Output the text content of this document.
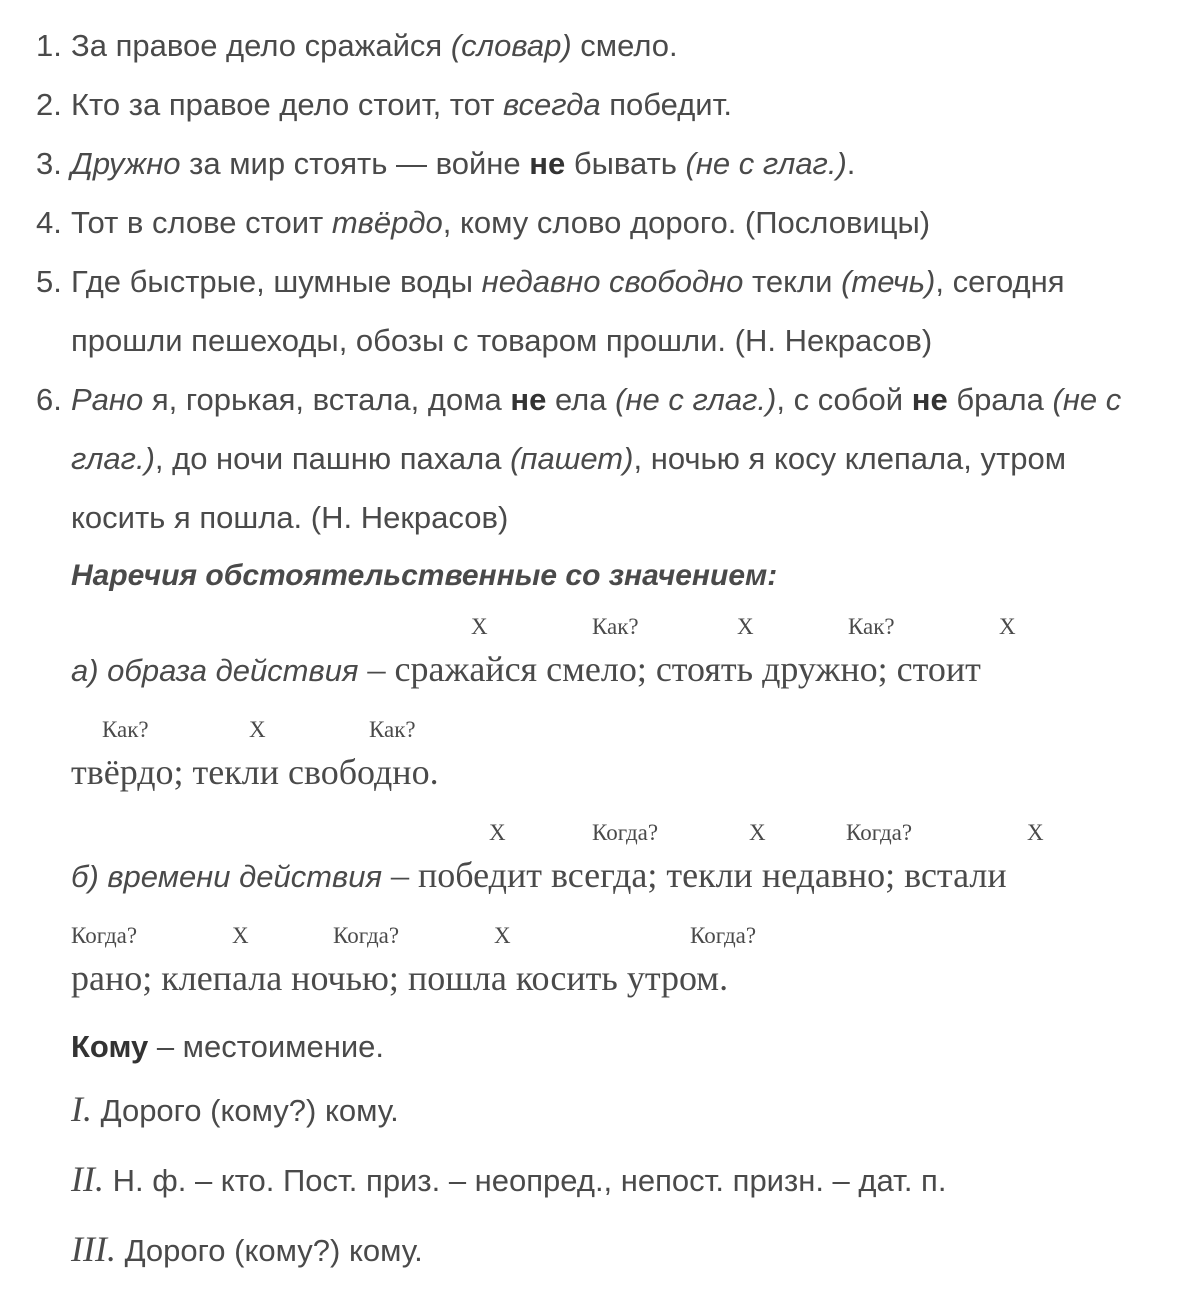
1. За правое дело сражайся (словар) смело.
2. Кто за правое дело стоит, тот всегда победит.
3. Дружно за мир стоять — войне не бывать (не с глаг.).
4. Тот в слове стоит твёрдо, кому слово дорого. (Пословицы)
5. Где быстрые, шумные воды недавно свободно текли (течь), сегодня
прошли пешеходы, обозы с товаром прошли. (Н. Некрасов)
6. Рано я, горькая, встала, дома не ела (не с глаг.), с собой не брала (не с
глаг.), до ночи пашню пахала (пашет), ночью я косу клепала, утром
косить я пошла. (Н. Некрасов)
Наречия обстоятельственные со значением:
Х	Как?	Х	Как?	Х
а) образа действия – сражайся смело; стоять дружно; стоит
Как?	Х	Как?
твёрдо; текли свободно.
Х	Когда?	Х	Когда?	Х
б) времени действия – победит всегда; текли недавно; встали
Когда?	Х	Когда?	Х	Когда?
рано; клепала ночью; пошла косить утром.
Кому – местоимение.
I. Дорого (кому?) кому.
II. Н. ф. – кто. Пост. приз. – неопред., непост. призн. – дат. п.
III. Дорого (кому?) кому.
